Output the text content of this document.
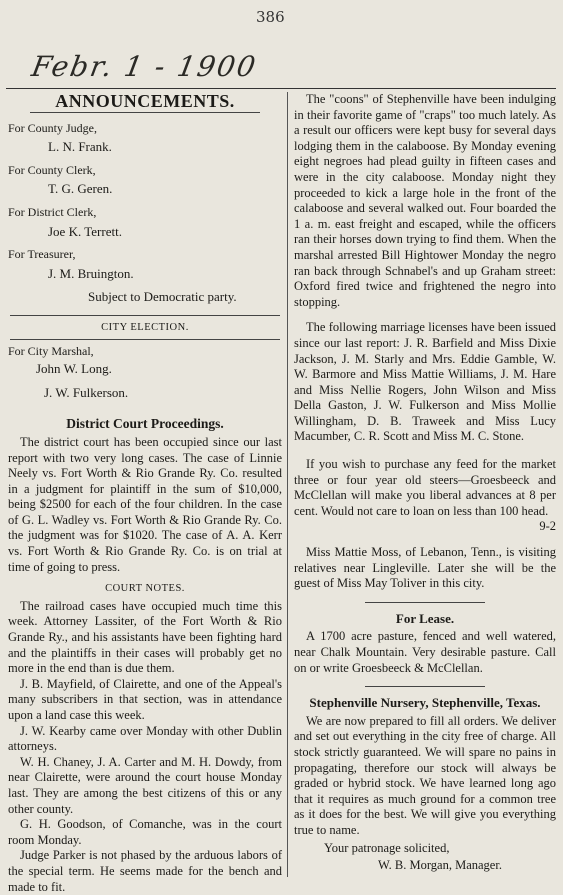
386
Febr. 1 - 1900
ANNOUNCEMENTS.
For County Judge,
L. N. Frank.
For County Clerk,
T. G. Geren.
For District Clerk,
Joe K. Terrett.
For Treasurer,
J. M. Bruington.
Subject to Democratic party.
CITY ELECTION.
For City Marshal,
John W. Long.
J. W. Fulkerson.
District Court Proceedings.

The district court has been occupied since our last report with two very long cases. The case of Linnie Neely vs. Fort Worth & Rio Grande Ry. Co. resulted in a judgment for plaintiff in the sum of $10,000, being $2500 for each of the four children. In the case of G. L. Wadley vs. Fort Worth & Rio Grande Ry. Co. the judgment was for $1020. The case of A. A. Kerr vs. Fort Worth & Rio Grande Ry. Co. is on trial at time of going to press.

COURT NOTES.

The railroad cases have occupied much time this week. Attorney Lassiter, of the Fort Worth & Rio Grande Ry., and his assistants have been fighting hard and the plaintiffs in their cases will probably get no more in the end than is due them.

J. B. Mayfield, of Clairette, and one of the Appeal's many subscribers in that section, was in attendance upon a land case this week.

J. W. Kearby came over Monday with other Dublin attorneys.

W. H. Chaney, J. A. Carter and M. H. Dowdy, from near Clairette, were around the court house Monday last. They are among the best citizens of this or any other county.

G. H. Goodson, of Comanche, was in the court room Monday.

Judge Parker is not phased by the arduous labors of the special term. He seems made for the bench and made to fit.

The "coons" of Stephenville have been indulging in their favorite game of "craps" too much lately. As a result our officers were kept busy for several days lodging them in the calaboose. By Monday evening eight negroes had plead guilty in fifteen cases and were in the city calaboose. Monday night they proceeded to kick a large hole in the front of the calaboose and several walked out. Four boarded the 1 a. m. east freight and escaped, while the officers ran their horses down trying to find them. When the marshal arrested Bill Hightower Monday the negro ran back through Schnabel's and up Graham street: Oxford fired twice and frightened the negro into stopping.

The following marriage licenses have been issued since our last report: J. R. Barfield and Miss Dixie Jackson, J. M. Starly and Mrs. Eddie Gamble, W. W. Barmore and Miss Mattie Williams, J. M. Hare and Miss Nellie Rogers, John Wilson and Miss Della Gaston, J. W. Fulkerson and Miss Mollie Willingham, D. B. Traweek and Miss Lucy Macumber, C. R. Scott and Miss M. C. Stone.

If you wish to purchase any feed for the market three or four year old steers—Groesbeeck and McClellan will make you liberal advances at 8 per cent. Would not care to loan on less than 100 head.

9-2

Miss Mattie Moss, of Lebanon, Tenn., is visiting relatives near Lingleville. Later she will be the guest of Miss May Toliver in this city.

For Lease.

A 1700 acre pasture, fenced and well watered, near Chalk Mountain. Very desirable pasture. Call on or write Groesbeeck & McClellan.

Stephenville Nursery, Stephenville, Texas.

We are now prepared to fill all orders. We deliver and set out everything in the city free of charge. All stock strictly guaranteed. We will spare no pains in propagating, therefore our stock will always be graded or hybrid stock. We have learned long ago that it requires as much ground for a common tree as it does for the best. We will give you everything true to name.

Your patronage solicited,
W. B. Morgan, Manager.
